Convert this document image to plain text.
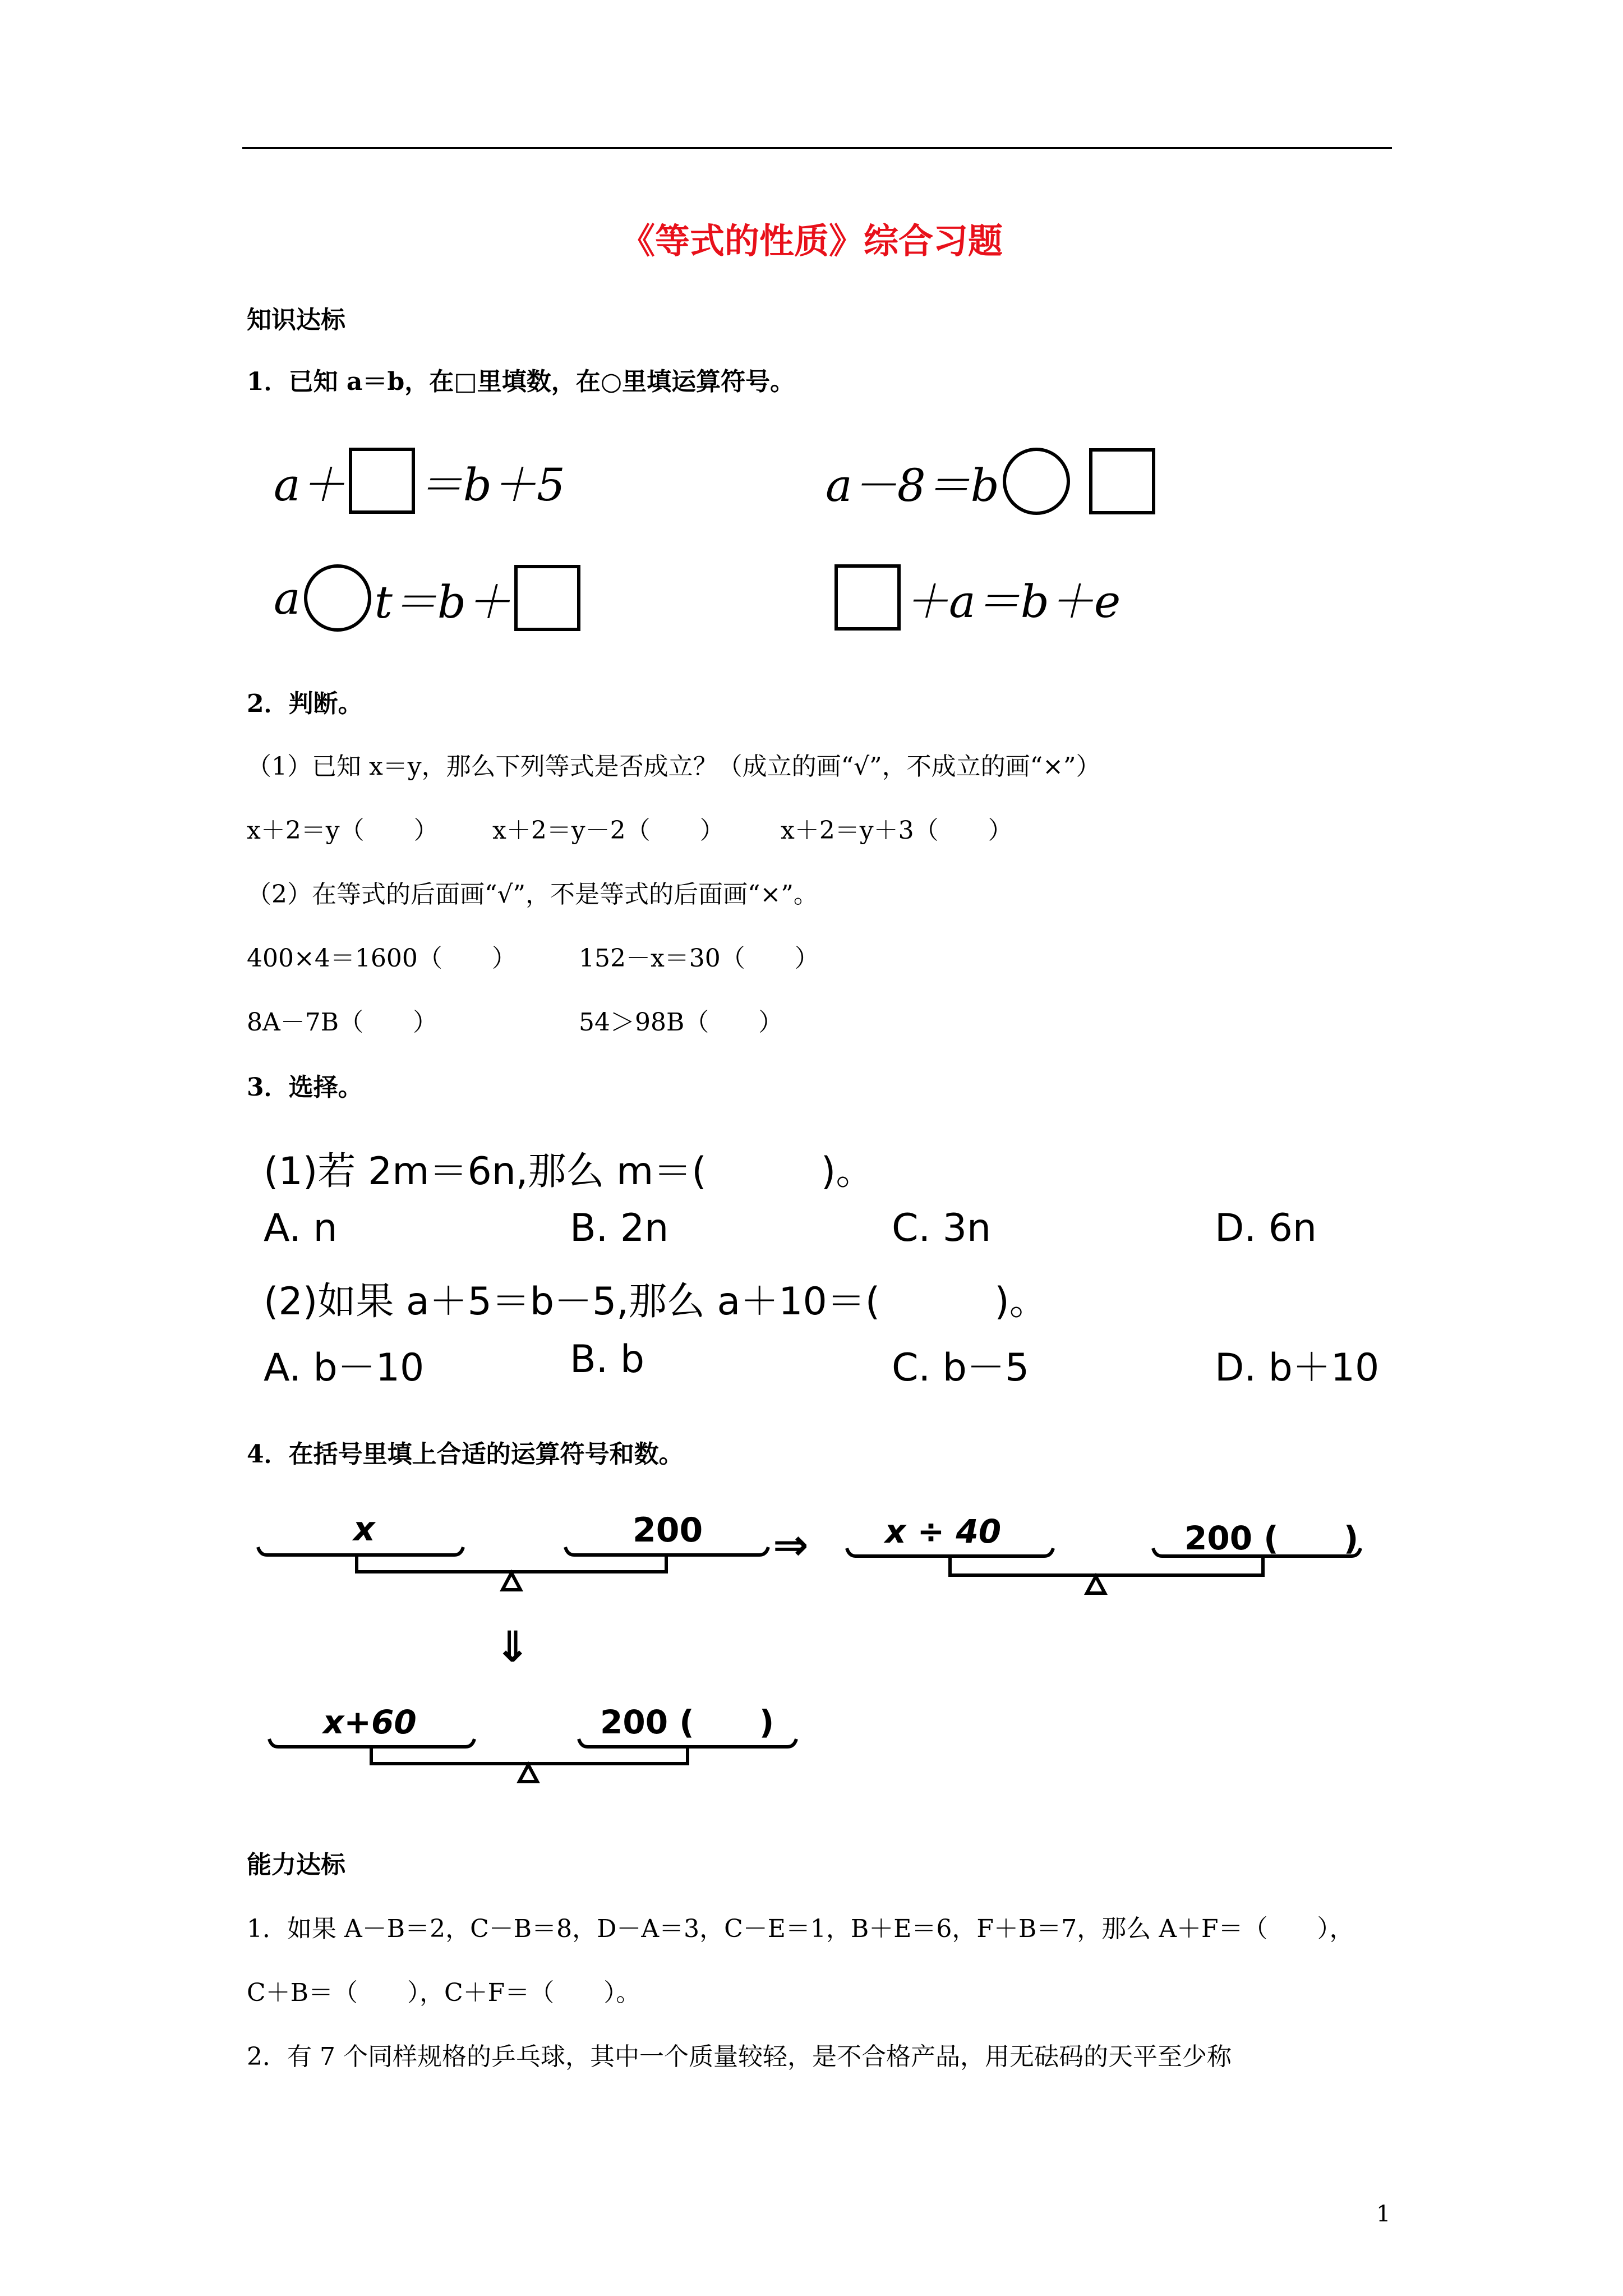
《等式的性质》综合习题
知识达标
1．已知 a＝b，在□里填数，在○里填运算符号。
a＋ ＝b＋5	a－8＝b
a t＝b＋	＋a＝b＋e
2．判断。
（1）已知 x＝y，那么下列等式是否成立？（成立的画“√”，不成立的画“×”）
x＋2＝y（　　） x＋2＝y－2（　　） x＋2＝y＋3（　　）
（2）在等式的后面画“√”，不是等式的后面画“×”。
400×4＝1600（　　）	152－x＝30（　　）
8A－7B（　　）	54＞98B（　　）
3．选择。
(1)若 2m＝6n,那么 m＝(　　　)。
A. n	B. 2n	C. 3n	D. 6n
(2)如果 a＋5＝b－5,那么 a＋10＝(　　　)。
A. b－10	B. b	C. b－5	D. b＋10
4．在括号里填上合适的运算符号和数。
x	200 ⇒ x ÷ 40	200 (　　)
⇓
x+60	200 (　　)
能力达标
1．如果 A－B＝2，C－B＝8，D－A＝3，C－E＝1，B＋E＝6，F＋B＝7，那么 A＋F＝（　　），
C＋B＝（　　），C＋F＝（　　）。
2．有 7 个同样规格的乒乓球，其中一个质量较轻，是不合格产品，用无砝码的天平至少称
1
